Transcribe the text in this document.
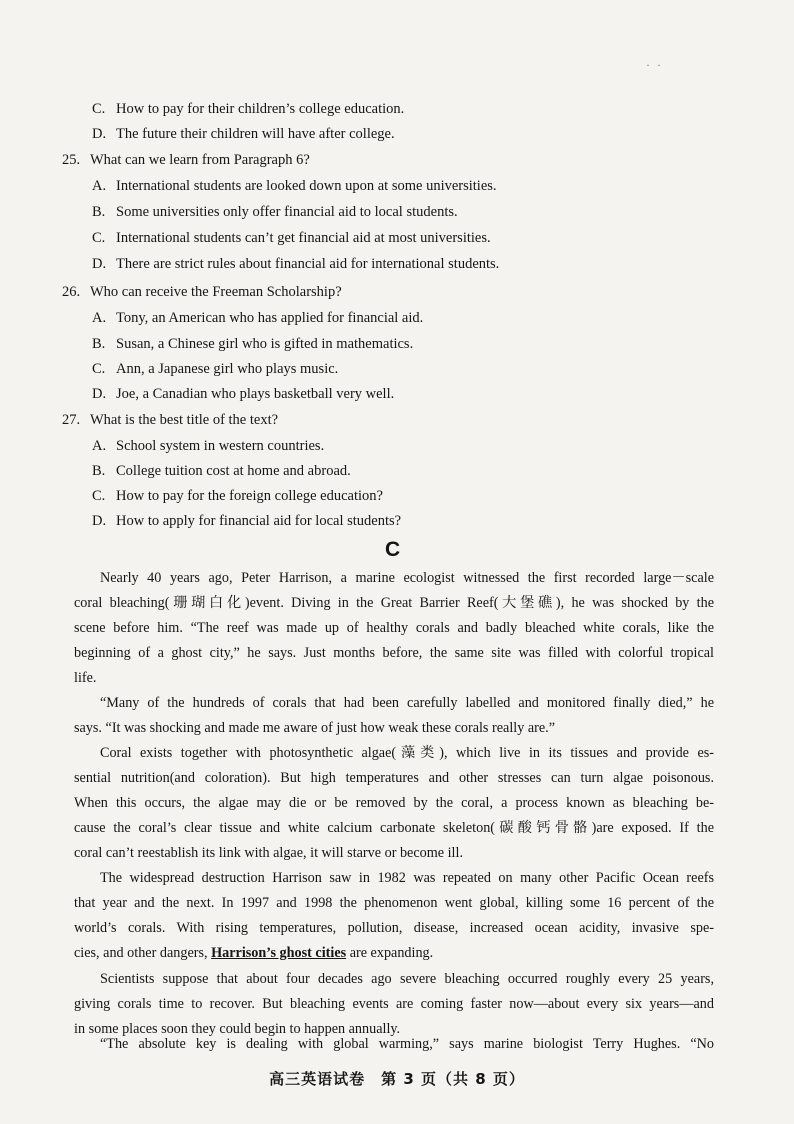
· ·
C. How to pay for their children’s college education.
D. The future their children will have after college.
25. What can we learn from Paragraph 6?
A. International students are looked down upon at some universities.
B. Some universities only offer financial aid to local students.
C. International students can’t get financial aid at most universities.
D. There are strict rules about financial aid for international students.
26. Who can receive the Freeman Scholarship?
A. Tony, an American who has applied for financial aid.
B. Susan, a Chinese girl who is gifted in mathematics.
C. Ann, a Japanese girl who plays music.
D. Joe, a Canadian who plays basketball very well.
27. What is the best title of the text?
A. School system in western countries.
B. College tuition cost at home and abroad.
C. How to pay for the foreign college education?
D. How to apply for financial aid for local students?
C
Nearly 40 years ago, Peter Harrison, a marine ecologist witnessed the first recorded large－scale
coral bleaching(珊瑚白化)event. Diving in the Great Barrier Reef(大堡礁), he was shocked by the
scene before him. “The reef was made up of healthy corals and badly bleached white corals, like the
beginning of a ghost city,” he says. Just months before, the same site was filled with colorful tropical
life.
“Many of the hundreds of corals that had been carefully labelled and monitored finally died,” he
says. “It was shocking and made me aware of just how weak these corals really are.”
Coral exists together with photosynthetic algae(藻类), which live in its tissues and provide es-
sential nutrition(and coloration). But high temperatures and other stresses can turn algae poisonous.
When this occurs, the algae may die or be removed by the coral, a process known as bleaching be-
cause the coral’s clear tissue and white calcium carbonate skeleton(碳酸钙骨骼)are exposed. If the
coral can’t reestablish its link with algae, it will starve or become ill.
The widespread destruction Harrison saw in 1982 was repeated on many other Pacific Ocean reefs
that year and the next. In 1997 and 1998 the phenomenon went global, killing some 16 percent of the
world’s corals. With rising temperatures, pollution, disease, increased ocean acidity, invasive spe-
cies, and other dangers, Harrison’s ghost cities are expanding.
Scientists suppose that about four decades ago severe bleaching occurred roughly every 25 years,
giving corals time to recover. But bleaching events are coming faster now—about every six years—and
in some places soon they could begin to happen annually.
“The absolute key is dealing with global warming,” says marine biologist Terry Hughes. “No
高三英语试卷　第 3 页（共 8 页）
